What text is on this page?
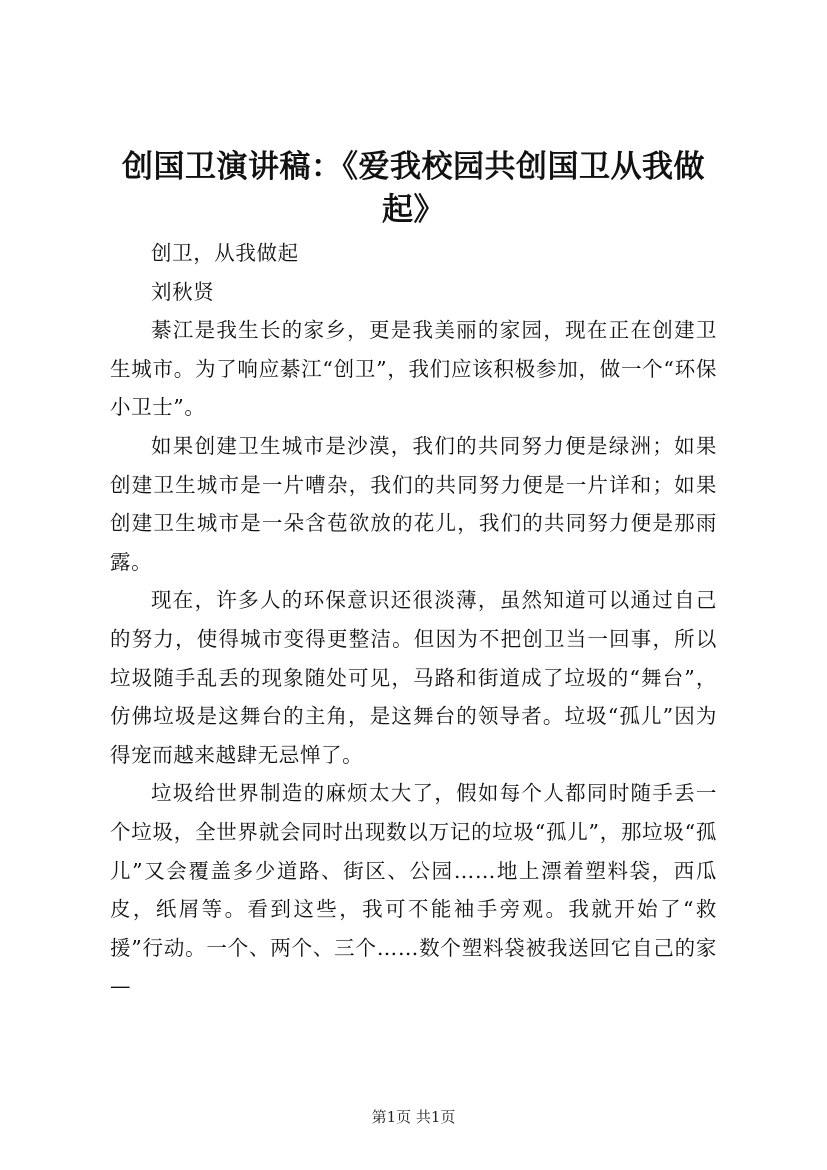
创国卫演讲稿：《爱我校园共创国卫从我做起》

创卫，从我做起

刘秋贤

綦江是我生长的家乡，更是我美丽的家园，现在正在创建卫生城市。为了响应綦江“创卫”，我们应该积极参加，做一个“环保小卫士”。

如果创建卫生城市是沙漠，我们的共同努力便是绿洲；如果创建卫生城市是一片嘈杂，我们的共同努力便是一片详和；如果创建卫生城市是一朵含苞欲放的花儿，我们的共同努力便是那雨露。

现在，许多人的环保意识还很淡薄，虽然知道可以通过自己的努力，使得城市变得更整洁。但因为不把创卫当一回事，所以垃圾随手乱丢的现象随处可见，马路和街道成了垃圾的“舞台”，仿佛垃圾是这舞台的主角，是这舞台的领导者。垃圾“孤儿”因为得宠而越来越肆无忌惮了。

垃圾给世界制造的麻烦太大了，假如每个人都同时随手丢一个垃圾，全世界就会同时出现数以万记的垃圾“孤儿”，那垃圾“孤儿”又会覆盖多少道路、街区、公园……地上漂着塑料袋，西瓜皮，纸屑等。看到这些，我可不能袖手旁观。我就开始了“救援”行动。一个、两个、三个……数个塑料袋被我送回它自己的家—

第1页 共1页
